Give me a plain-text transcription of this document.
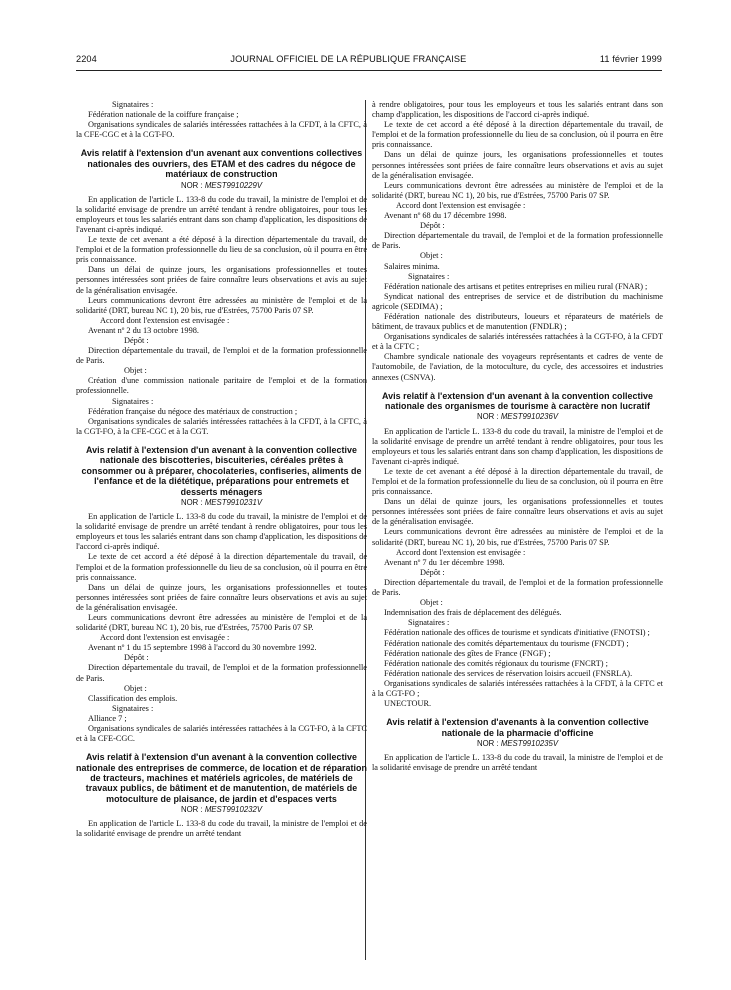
2204	JOURNAL OFFICIEL DE LA RÉPUBLIQUE FRANÇAISE	11 février 1999

Signataires :

Fédération nationale de la coiffure française ;

Organisations syndicales de salariés intéressées rattachées à la CFDT, à la CFTC, à la CFE-CGC et à la CGT-FO.

Avis relatif à l'extension d'un avenant aux conventions collectives nationales des ouvriers, des ETAM et des cadres du négoce de matériaux de construction
NOR : MEST9910229V

En application de l'article L. 133-8 du code du travail, la ministre de l'emploi et de la solidarité envisage de prendre un arrêté tendant à rendre obligatoires, pour tous les employeurs et tous les salariés entrant dans son champ d'application, les dispositions de l'avenant ci-après indiqué.

Le texte de cet avenant a été déposé à la direction départementale du travail, de l'emploi et de la formation professionnelle du lieu de sa conclusion, où il pourra en être pris connaissance.

Dans un délai de quinze jours, les organisations professionnelles et toutes personnes intéressées sont priées de faire connaître leurs observations et avis au sujet de la généralisation envisagée.

Leurs communications devront être adressées au ministère de l'emploi et de la solidarité (DRT, bureau NC 1), 20 bis, rue d'Estrées, 75700 Paris 07 SP.

Accord dont l'extension est envisagée :

Avenant nº 2 du 13 octobre 1998.

Dépôt :

Direction départementale du travail, de l'emploi et de la formation professionnelle de Paris.

Objet :

Création d'une commission nationale paritaire de l'emploi et de la formation professionnelle.

Signataires :

Fédération française du négoce des matériaux de construction ;

Organisations syndicales de salariés intéressées rattachées à la CFDT, à la CFTC, à la CGT-FO, à la CFE-CGC et à la CGT.

Avis relatif à l'extension d'un avenant à la convention collective nationale des biscotteries, biscuiteries, céréales prêtes à consommer ou à préparer, chocolateries, confiseries, aliments de l'enfance et de la diététique, préparations pour entremets et desserts ménagers
NOR : MEST9910231V

En application de l'article L. 133-8 du code du travail, la ministre de l'emploi et de la solidarité envisage de prendre un arrêté tendant à rendre obligatoires, pour tous les employeurs et tous les salariés entrant dans son champ d'application, les dispositions de l'accord ci-après indiqué.

Le texte de cet accord a été déposé à la direction départementale du travail, de l'emploi et de la formation professionnelle du lieu de sa conclusion, où il pourra en être pris connaissance.

Dans un délai de quinze jours, les organisations professionnelles et toutes personnes intéressées sont priées de faire connaître leurs observations et avis au sujet de la généralisation envisagée.

Leurs communications devront être adressées au ministère de l'emploi et de la solidarité (DRT, bureau NC 1), 20 bis, rue d'Estrées, 75700 Paris 07 SP.

Accord dont l'extension est envisagée :

Avenant nº 1 du 15 septembre 1998 à l'accord du 30 novembre 1992.

Dépôt :

Direction départementale du travail, de l'emploi et de la formation professionnelle de Paris.

Objet :

Classification des emplois.

Signataires :

Alliance 7 ;

Organisations syndicales de salariés intéressées rattachées à la CGT-FO, à la CFTC et à la CFE-CGC.

Avis relatif à l'extension d'un avenant à la convention collective nationale des entreprises de commerce, de location et de réparation de tracteurs, machines et matériels agricoles, de matériels de travaux publics, de bâtiment et de manutention, de matériels de motoculture de plaisance, de jardin et d'espaces verts
NOR : MEST9910232V

En application de l'article L. 133-8 du code du travail, la ministre de l'emploi et de la solidarité envisage de prendre un arrêté tendant

à rendre obligatoires, pour tous les employeurs et tous les salariés entrant dans son champ d'application, les dispositions de l'accord ci-après indiqué.

Le texte de cet accord a été déposé à la direction départementale du travail, de l'emploi et de la formation professionnelle du lieu de sa conclusion, où il pourra en être pris connaissance.

Dans un délai de quinze jours, les organisations professionnelles et toutes personnes intéressées sont priées de faire connaître leurs observations et avis au sujet de la généralisation envisagée.

Leurs communications devront être adressées au ministère de l'emploi et de la solidarité (DRT, bureau NC 1), 20 bis, rue d'Estrées, 75700 Paris 07 SP.

Accord dont l'extension est envisagée :

Avenant nº 68 du 17 décembre 1998.

Dépôt :

Direction départementale du travail, de l'emploi et de la formation professionnelle de Paris.

Objet :

Salaires minima.

Signataires :

Fédération nationale des artisans et petites entreprises en milieu rural (FNAR) ;

Syndicat national des entreprises de service et de distribution du machinisme agricole (SEDIMA) ;

Fédération nationale des distributeurs, loueurs et réparateurs de matériels de bâtiment, de travaux publics et de manutention (FNDLR) ;

Organisations syndicales de salariés intéressées rattachées à la CGT-FO, à la CFDT et à la CFTC ;

Chambre syndicale nationale des voyageurs représentants et cadres de vente de l'automobile, de l'aviation, de la motoculture, du cycle, des accessoires et industries annexes (CSNVA).

Avis relatif à l'extension d'un avenant à la convention collective nationale des organismes de tourisme à caractère non lucratif
NOR : MEST9910236V

En application de l'article L. 133-8 du code du travail, la ministre de l'emploi et de la solidarité envisage de prendre un arrêté tendant à rendre obligatoires, pour tous les employeurs et tous les salariés entrant dans son champ d'application, les dispositions de l'avenant ci-après indiqué.

Le texte de cet avenant a été déposé à la direction départementale du travail, de l'emploi et de la formation professionnelle du lieu de sa conclusion, où il pourra en être pris connaissance.

Dans un délai de quinze jours, les organisations professionnelles et toutes personnes intéressées sont priées de faire connaître leurs observations et avis au sujet de la généralisation envisagée.

Leurs communications devront être adressées au ministère de l'emploi et de la solidarité (DRT, bureau NC 1), 20 bis, rue d'Estrées, 75700 Paris 07 SP.

Accord dont l'extension est envisagée :

Avenant nº 7 du 1er décembre 1998.

Dépôt :

Direction départementale du travail, de l'emploi et de la formation professionnelle de Paris.

Objet :

Indemnisation des frais de déplacement des délégués.

Signataires :

Fédération nationale des offices de tourisme et syndicats d'initiative (FNOTSI) ;

Fédération nationale des comités départementaux du tourisme (FNCDT) ;

Fédération nationale des gîtes de France (FNGF) ;

Fédération nationale des comités régionaux du tourisme (FNCRT) ;

Fédération nationale des services de réservation loisirs accueil (FNSRLA).

Organisations syndicales de salariés intéressées rattachées à la CFDT, à la CFTC et à la CGT-FO ;

UNECTOUR.

Avis relatif à l'extension d'avenants à la convention collective nationale de la pharmacie d'officine
NOR : MEST9910235V

En application de l'article L. 133-8 du code du travail, la ministre de l'emploi et de la solidarité envisage de prendre un arrêté tendant
